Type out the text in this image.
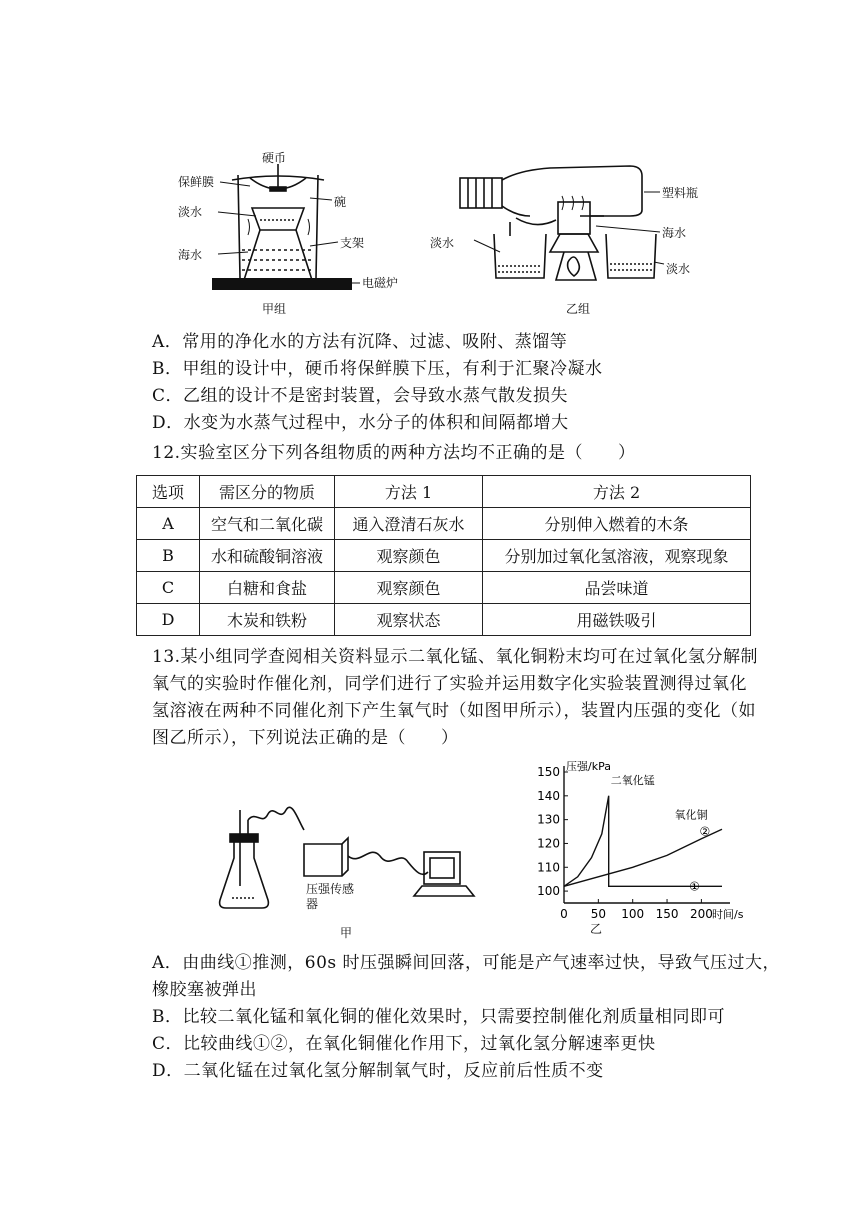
硬币
保鲜膜
淡水
碗
海水
支架
电磁炉
甲组
塑料瓶
海水
淡水
淡水
乙组
A．常用的净化水的方法有沉降、过滤、吸附、蒸馏等
B．甲组的设计中，硬币将保鲜膜下压，有利于汇聚冷凝水
C．乙组的设计不是密封装置，会导致水蒸气散发损失
D．水变为水蒸气过程中，水分子的体积和间隔都增大
12.实验室区分下列各组物质的两种方法均不正确的是（　　）
选项	需区分的物质	方法 1	方法 2
A	空气和二氧化碳	通入澄清石灰水	分别伸入燃着的木条
B	水和硫酸铜溶液	观察颜色	分别加过氧化氢溶液，观察现象
C	白糖和食盐	观察颜色	品尝味道
D	木炭和铁粉	观察状态	用磁铁吸引
13.某小组同学查阅相关资料显示二氧化锰、氧化铜粉末均可在过氧化氢分解制
氧气的实验时作催化剂，同学们进行了实验并运用数字化实验装置测得过氧化
氢溶液在两种不同催化剂下产生氧气时（如图甲所示），装置内压强的变化（如
图乙所示），下列说法正确的是（　　）
压强传感器
甲
100
110
120
130
140
150
0 50 100 150 200
压强/kPa
时间/s
二氧化锰
氧化铜
②
①
乙
A．由曲线①推测，60s 时压强瞬间回落，可能是产气速率过快，导致气压过大，
橡胶塞被弹出
B．比较二氧化锰和氧化铜的催化效果时，只需要控制催化剂质量相同即可
C．比较曲线①②，在氧化铜催化作用下，过氧化氢分解速率更快
D．二氧化锰在过氧化氢分解制氧气时，反应前后性质不变
